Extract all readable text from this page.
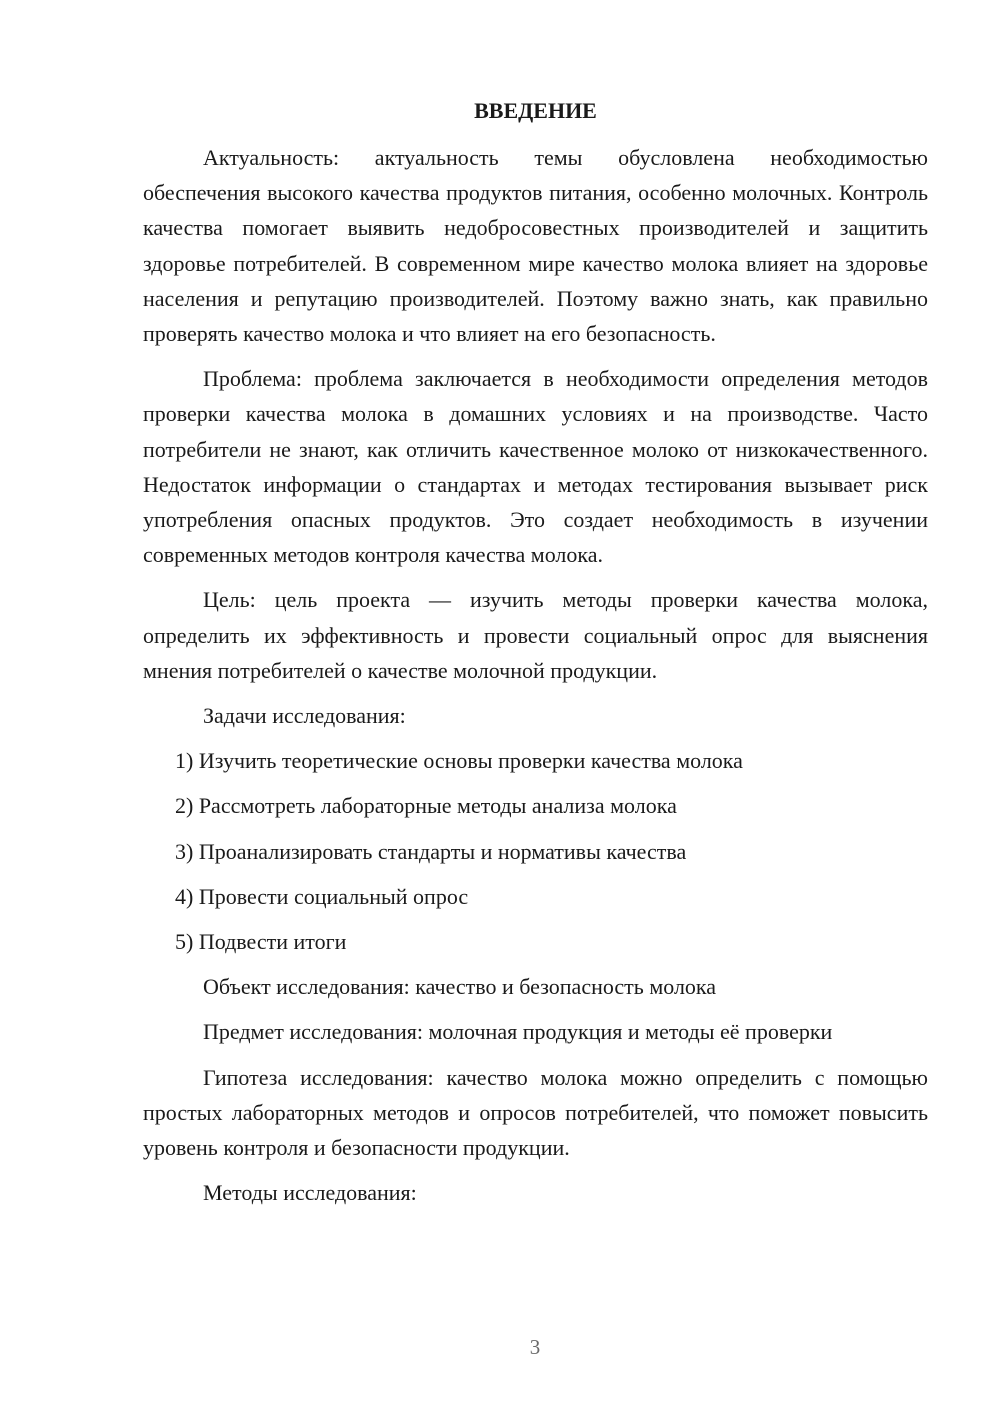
ВВЕДЕНИЕ

Актуальность: актуальность темы обусловлена необходимостью обеспечения высокого качества продуктов питания, особенно молочных. Контроль качества помогает выявить недобросовестных производителей и защитить здоровье потребителей. В современном мире качество молока влияет на здоровье населения и репутацию производителей. Поэтому важно знать, как правильно проверять качество молока и что влияет на его безопасность.

Проблема: проблема заключается в необходимости определения методов проверки качества молока в домашних условиях и на производстве. Часто потребители не знают, как отличить качественное молоко от низкокачественного. Недостаток информации о стандартах и методах тестирования вызывает риск употребления опасных продуктов. Это создает необходимость в изучении современных методов контроля качества молока.

Цель: цель проекта — изучить методы проверки качества молока, определить их эффективность и провести социальный опрос для выяснения мнения потребителей о качестве молочной продукции.

Задачи исследования:

1) Изучить теоретические основы проверки качества молока

2) Рассмотреть лабораторные методы анализа молока

3) Проанализировать стандарты и нормативы качества

4) Провести социальный опрос

5) Подвести итоги

Объект исследования: качество и безопасность молока

Предмет исследования: молочная продукция и методы её проверки

Гипотеза исследования: качество молока можно определить с помощью простых лабораторных методов и опросов потребителей, что поможет повысить уровень контроля и безопасности продукции.

Методы исследования:

3
